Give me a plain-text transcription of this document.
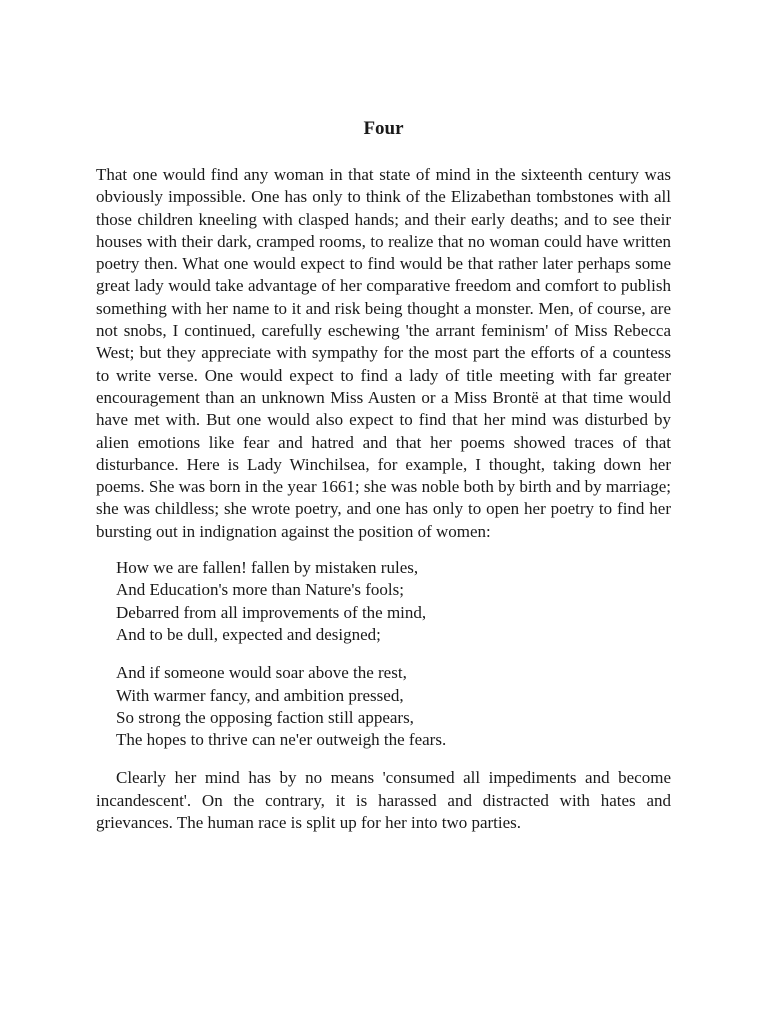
Four

That one would find any woman in that state of mind in the sixteenth century was obviously impossible. One has only to think of the Elizabethan tombstones with all those children kneeling with clasped hands; and their early deaths; and to see their houses with their dark, cramped rooms, to realize that no woman could have written poetry then. What one would expect to find would be that rather later perhaps some great lady would take advantage of her comparative freedom and comfort to publish something with her name to it and risk being thought a monster. Men, of course, are not snobs, I continued, carefully eschewing 'the arrant feminism' of Miss Rebecca West; but they appreciate with sympathy for the most part the efforts of a countess to write verse. One would expect to find a lady of title meeting with far greater encouragement than an unknown Miss Austen or a Miss Brontë at that time would have met with. But one would also expect to find that her mind was disturbed by alien emotions like fear and hatred and that her poems showed traces of that disturbance. Here is Lady Winchilsea, for example, I thought, taking down her poems. She was born in the year 1661; she was noble both by birth and by marriage; she was childless; she wrote poetry, and one has only to open her poetry to find her bursting out in indignation against the position of women:

How we are fallen! fallen by mistaken rules,
And Education's more than Nature's fools;
Debarred from all improvements of the mind,
And to be dull, expected and designed;
And if someone would soar above the rest,
With warmer fancy, and ambition pressed,
So strong the opposing faction still appears,
The hopes to thrive can ne'er outweigh the fears.

Clearly her mind has by no means 'consumed all impediments and become incandescent'. On the contrary, it is harassed and distracted with hates and grievances. The human race is split up for her into two parties.
